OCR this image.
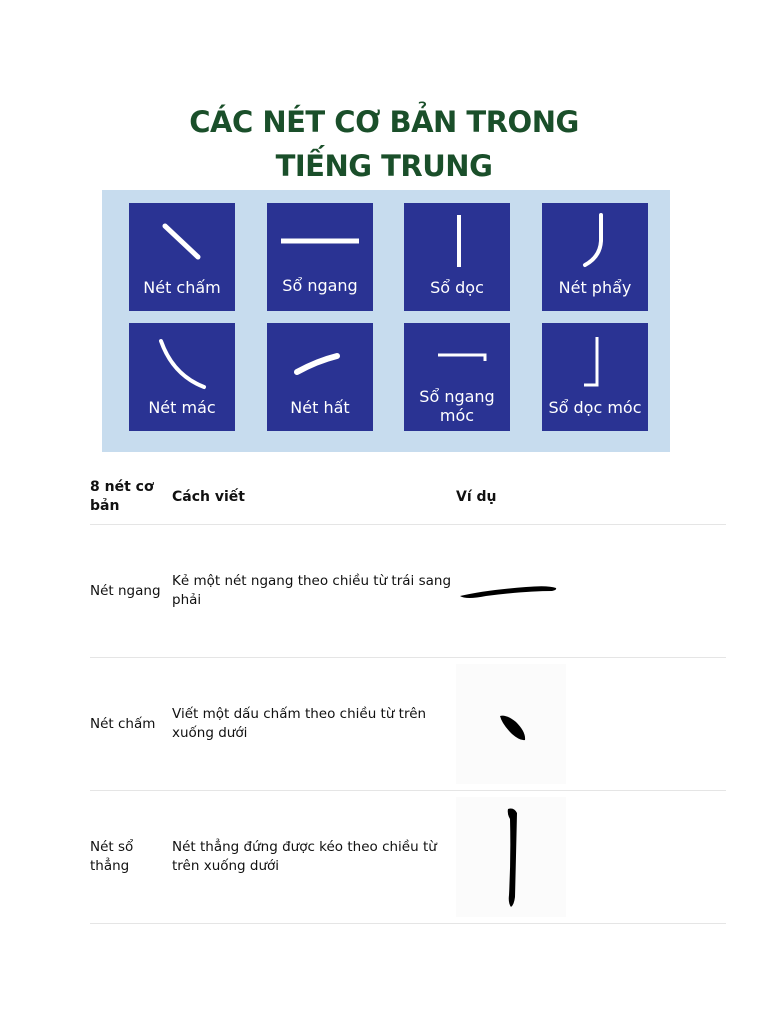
CÁC NÉT CƠ BẢN TRONG
TIẾNG TRUNG
Nét chấm	Sổ ngang	Sổ dọc	Nét phẩy
Nét mác	Nét hất
Sổ ngang
móc	Sổ dọc móc
8 nét cơ bản	Cách viết	Ví dụ
Nét ngang	Kẻ một nét ngang theo chiều từ trái sang phải	
Nét chấm	Viết một dấu chấm theo chiều từ trên xuống dưới	

Nét sổ thẳng	Nét thẳng đứng được kéo theo chiều từ trên xuống dưới	
